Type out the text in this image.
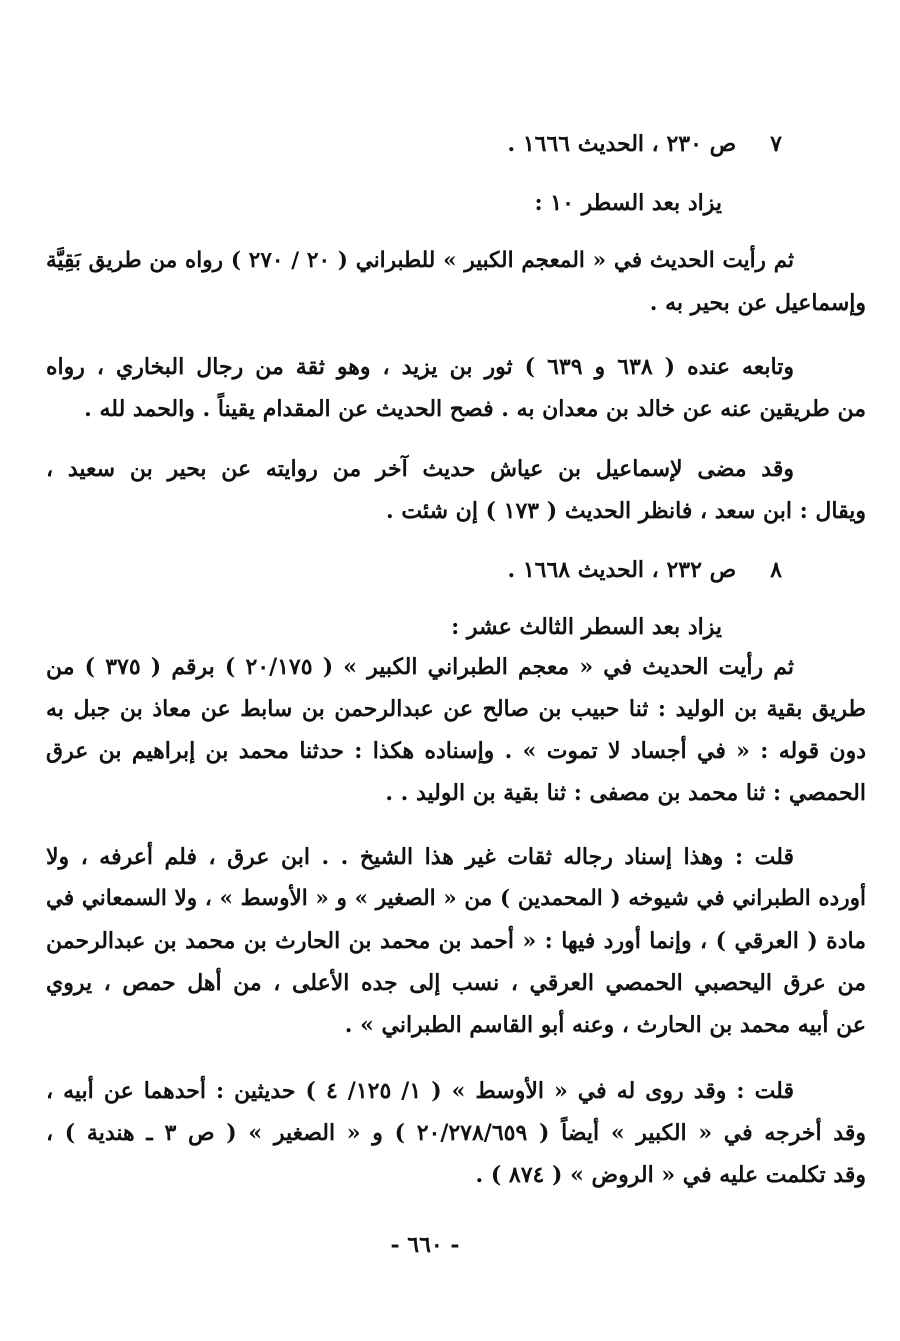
٧ص ٢٣٠ ، الحديث ١٦٦٦ .
يزاد بعد السطر ١٠ :
ثم رأيت الحديث في « المعجم الكبير » للطبراني ( ٢٠ / ٢٧٠ ) رواه من طريق بَقِيَّة
وإسماعيل عن بحير به .
وتابعه عنده ( ٦٣٨ و ٦٣٩ ) ثور بن يزيد ، وهو ثقة من رجال البخاري ، رواه
من طريقين عنه عن خالد بن معدان به . فصح الحديث عن المقدام يقيناً . والحمد لله .
وقد مضى لإسماعيل بن عياش حديث آخر من روايته عن بحير بن سعيد ،
ويقال : ابن سعد ، فانظر الحديث ( ١٧٣ ) إن شئت .
٨ص ٢٣٢ ، الحديث ١٦٦٨ .
يزاد بعد السطر الثالث عشر :
ثم رأيت الحديث في « معجم الطبراني الكبير » ( ٢٠/١٧٥ ) برقم ( ٣٧٥ ) من
طريق بقية بن الوليد : ثنا حبيب بن صالح عن عبدالرحمن بن سابط عن معاذ بن جبل به
دون قوله : « في أجساد لا تموت » . وإسناده هكذا : حدثنا محمد بن إبراهيم بن عرق
الحمصي : ثنا محمد بن مصفى : ثنا بقية بن الوليد . .
قلت : وهذا إسناد رجاله ثقات غير هذا الشيخ . . ابن عرق ، فلم أعرفه ، ولا
أورده الطبراني في شيوخه ( المحمدين ) من « الصغير » و « الأوسط » ، ولا السمعاني في
مادة ( العرقي ) ، وإنما أورد فيها : « أحمد بن محمد بن الحارث بن محمد بن عبدالرحمن
من عرق اليحصبي الحمصي العرقي ، نسب إلى جده الأعلى ، من أهل حمص ، يروي
عن أبيه محمد بن الحارث ، وعنه أبو القاسم الطبراني » .
قلت : وقد روى له في « الأوسط » ( ١/ ١٢٥/ ٤ ) حديثين : أحدهما عن أبيه ،
وقد أخرجه في « الكبير » أيضاً ( ٢٠/٢٧٨/٦٥٩ ) و « الصغير » ( ص ٣ ـ هندية ) ،
وقد تكلمت عليه في « الروض » ( ٨٧٤ ) .
- ٦٦٠ -
